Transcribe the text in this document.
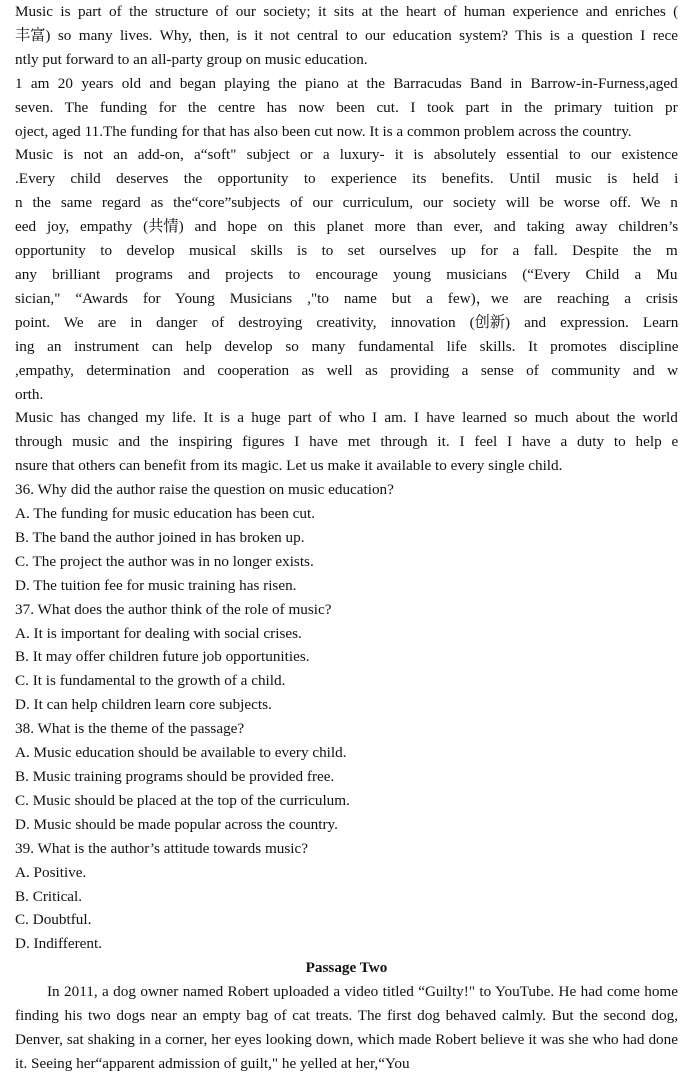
Music is part of the structure of our society; it sits at the heart of human experience and enriches (
丰富) so many lives. Why, then, is it not central to our education system? This is a question I rece
ntly put forward to an all-party group on music education.

1 am 20 years old and began playing the piano at the Barracudas Band in Barrow-in-Furness,aged
seven. The funding for the centre has now been cut. I took part in the primary tuition pr
oject, aged 11.The funding for that has also been cut now. It is a common problem across the country.

Music is not an add-on, a“soft" subject or a luxury- it is absolutely essential to our existence
.Every child deserves the opportunity to experience its benefits. Until music is held i
n the same regard as the“core”subjects of our curriculum, our society will be worse off. We n
eed joy, empathy (共情) and hope on this planet more than ever, and taking away children’s
opportunity to develop musical skills is to set ourselves up for a fall. Despite the m
any brilliant programs and projects to encourage young musicians (“Every Child a Mu
sician," “Awards for Young Musicians ,"to name but a few)，we are reaching a crisis
point. We are in danger of destroying creativity, innovation (创新) and expression. Learn
ing an instrument can help develop so many fundamental life skills. It promotes discipline
,empathy, determination and cooperation as well as providing a sense of community and w
orth.

Music has changed my life. It is a huge part of who I am. I have learned so much about the world
through music and the inspiring figures I have met through it. I feel I have a duty to help e
nsure that others can benefit from its magic. Let us make it available to every single child.

36. Why did the author raise the question on music education?

A. The funding for music education has been cut.

B. The band the author joined in has broken up.

C. The project the author was in no longer exists.

D. The tuition fee for music training has risen.

37. What does the author think of the role of music?

A. It is important for dealing with social crises.

B. It may offer children future job opportunities.

C. It is fundamental to the growth of a child.

D. It can help children learn core subjects.

38. What is the theme of the passage?

A. Music education should be available to every child.

B. Music training programs should be provided free.

C. Music should be placed at the top of the curriculum.

D. Music should be made popular across the country.

39. What is the author’s attitude towards music?

A. Positive.

B. Critical.

C. Doubtful.

D. Indifferent.

Passage Two

In 2011, a dog owner named Robert uploaded a video titled “Guilty!" to YouTube. He had come home finding his two dogs near an empty bag of cat treats. The first dog behaved calmly. But the second dog, Denver, sat shaking in a corner, her eyes looking down, which made Robert believe it was she who had done it. Seeing her“apparent admission of guilt," he yelled at her,“You
